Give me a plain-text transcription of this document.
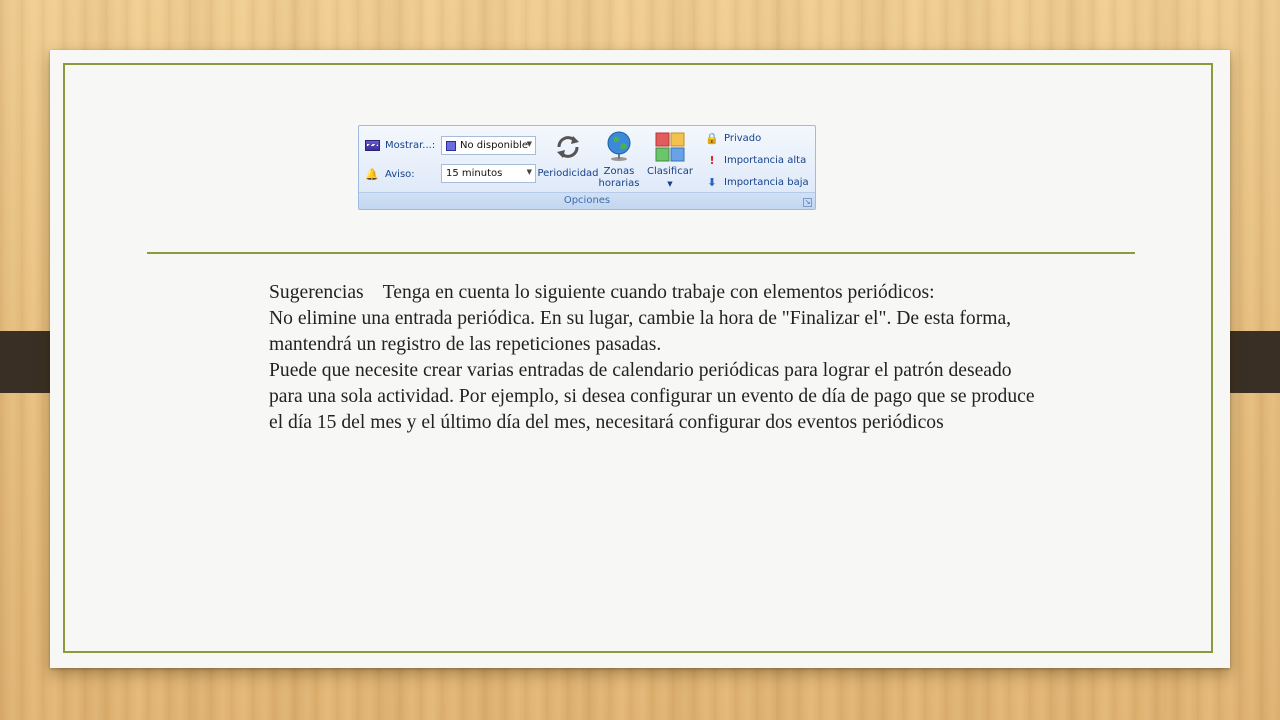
Mostrar...: No disponible
▼
🔔 Aviso:	15 minutos	▼ Periodicidad Zonas
horarias
Clasificar
▼
🔒 Privado
! Importancia alta
⬇ Importancia baja
Opciones	↘

Sugerencias Tenga en cuenta lo siguiente cuando trabaje con elementos periódicos:

No elimine una entrada periódica. En su lugar, cambie la hora de "Finalizar el". De esta forma, mantendrá un registro de las repeticiones pasadas.

Puede que necesite crear varias entradas de calendario periódicas para lograr el patrón deseado para una sola actividad. Por ejemplo, si desea configurar un evento de día de pago que se produce el día 15 del mes y el último día del mes, necesitará configurar dos eventos periódicos
